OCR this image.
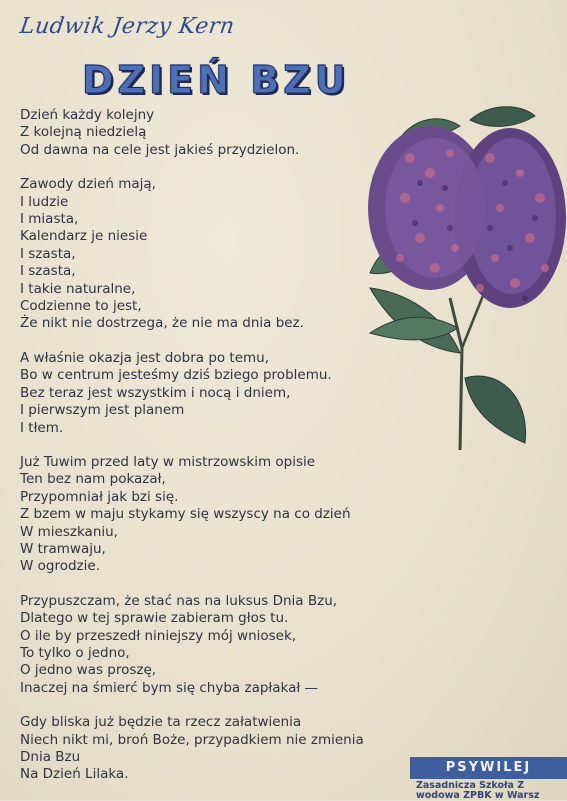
Ludwik Jerzy Kern
DZIEŃ BZU
Dzień każdy kolejny
Z kolejną niedzielą
Od dawna na cele jest jakieś przydzielon.
Zawody dzień mają,
I ludzie
I miasta,
Kalendarz je niesie
I szasta,
I szasta,
I takie naturalne,
Codzienne to jest,
Że nikt nie dostrzega, że nie ma dnia bez.
A właśnie okazja jest dobra po temu,
Bo w centrum jesteśmy dziś bziego problemu.
Bez teraz jest wszystkim i nocą i dniem,
I pierwszym jest planem
I tłem.
Już Tuwim przed laty w mistrzowskim opisie
Ten bez nam pokazał,
Przypomniał jak bzi się.
Z bzem w maju stykamy się wszyscy na co dzień
W mieszkaniu,
W tramwaju,
W ogrodzie.
Przypuszczam, że stać nas na luksus Dnia Bzu,
Dlatego w tej sprawie zabieram głos tu.
O ile by przeszedł niniejszy mój wniosek,
To tylko o jedno,
O jedno was proszę,
Inaczej na śmierć bym się chyba zapłakał —
Gdy bliska już będzie ta rzecz załatwienia
Niech nikt mi, broń Boże, przypadkiem nie zmienia
Dnia Bzu
Na Dzień Lilaka.	PSYWILEJ
Zasadnicza Szkoła Z
wodowa ZPBK w Warsz
